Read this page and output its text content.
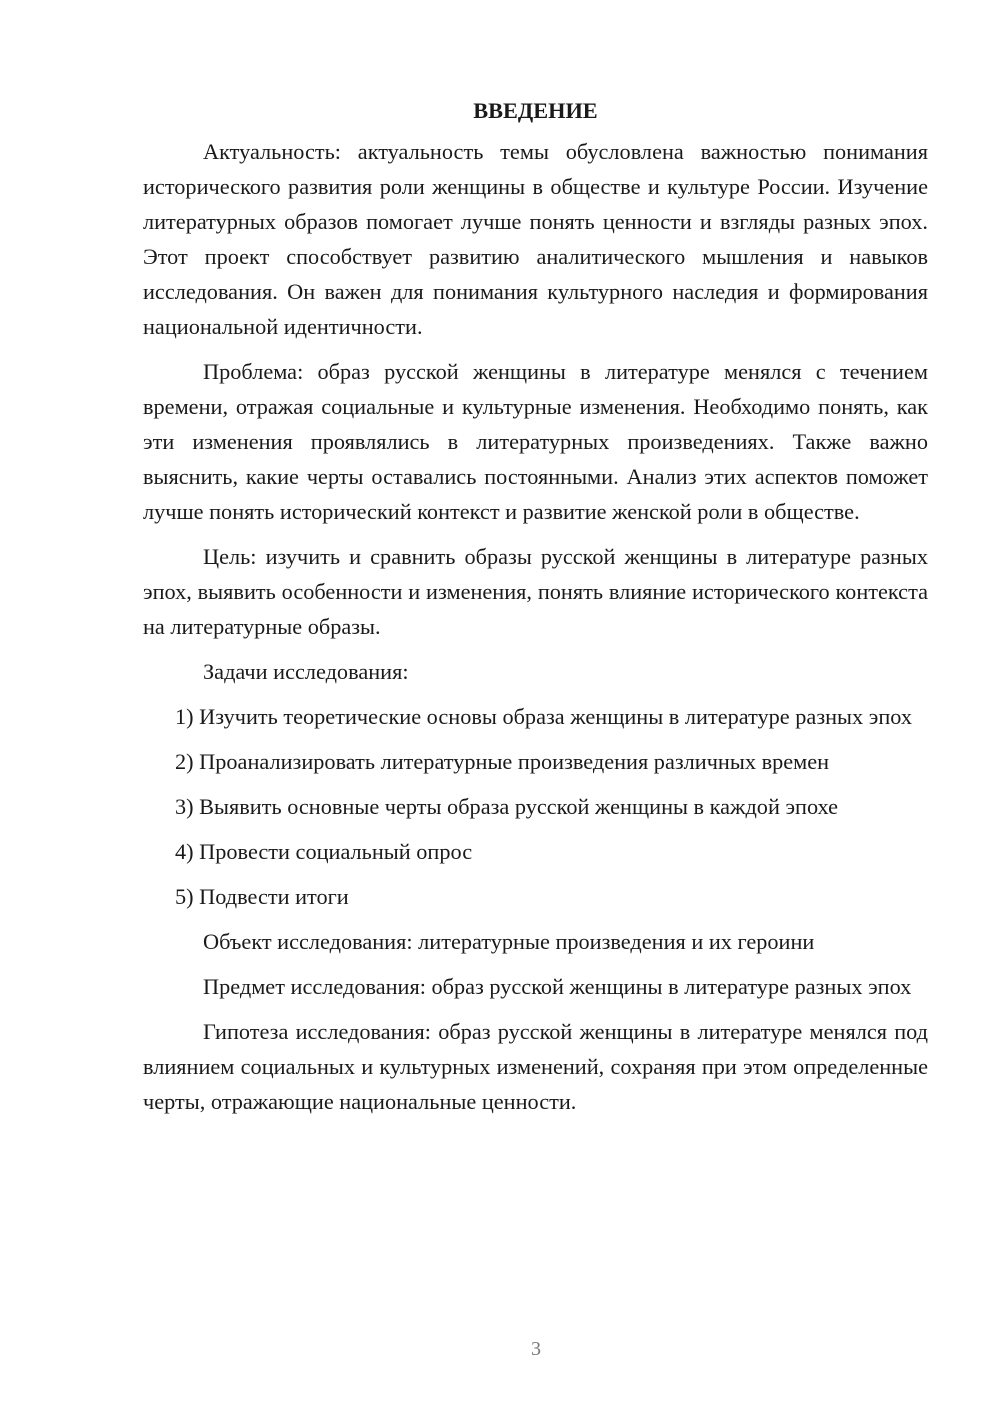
ВВЕДЕНИЕ

Актуальность: актуальность темы обусловлена важностью понимания исторического развития роли женщины в обществе и культуре России. Изучение литературных образов помогает лучше понять ценности и взгляды разных эпох. Этот проект способствует развитию аналитического мышления и навыков исследования. Он важен для понимания культурного наследия и формирования национальной идентичности.

Проблема: образ русской женщины в литературе менялся с течением времени, отражая социальные и культурные изменения. Необходимо понять, как эти изменения проявлялись в литературных произведениях. Также важно выяснить, какие черты оставались постоянными. Анализ этих аспектов поможет лучше понять исторический контекст и развитие женской роли в обществе.

Цель: изучить и сравнить образы русской женщины в литературе разных эпох, выявить особенности и изменения, понять влияние исторического контекста на литературные образы.

Задачи исследования:

1) Изучить теоретические основы образа женщины в литературе разных эпох

2) Проанализировать литературные произведения различных времен
3) Выявить основные черты образа русской женщины в каждой эпохе
4) Провести социальный опрос
5) Подвести итоги
Объект исследования: литературные произведения и их героини

Предмет исследования: образ русской женщины в литературе разных эпох

Гипотеза исследования: образ русской женщины в литературе менялся под влиянием социальных и культурных изменений, сохраняя при этом определенные черты, отражающие национальные ценности.

3
